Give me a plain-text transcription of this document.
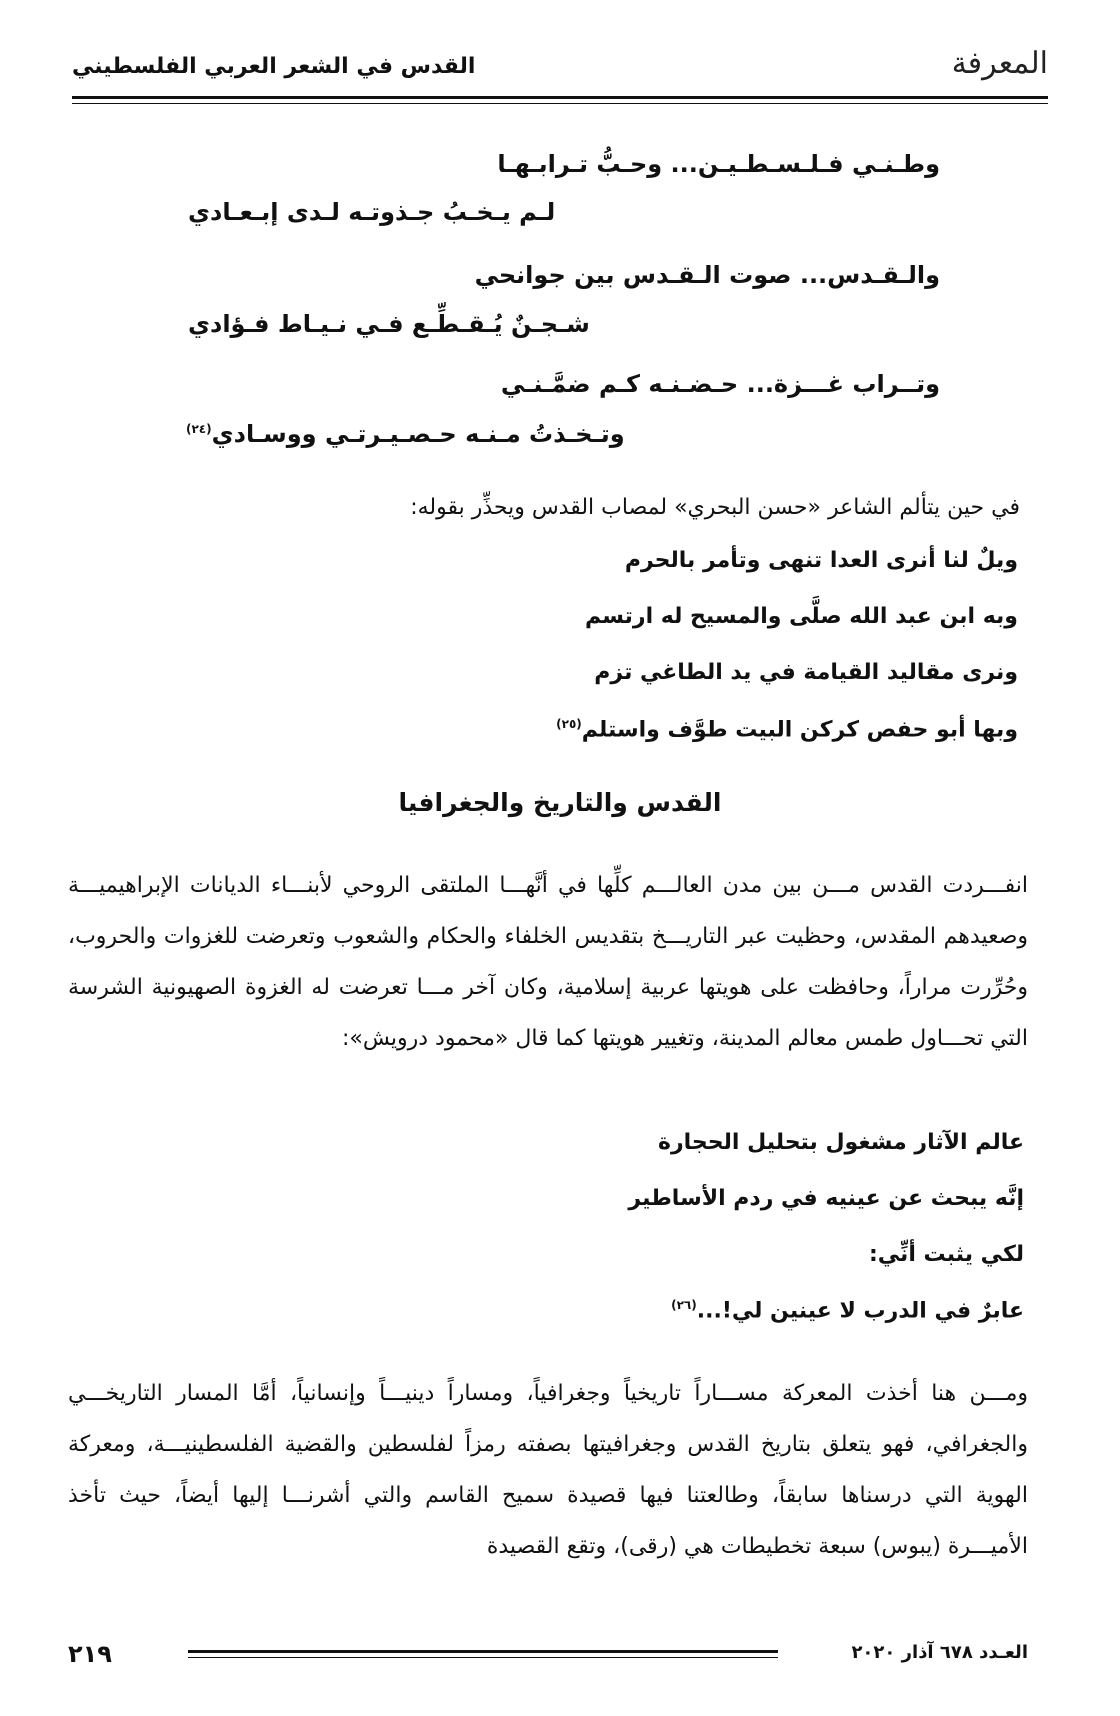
المعرفة
القدس في الشعر العربي الفلسطيني
وطـنـي فـلـسـطـيـن... وحـبُّ تـرابـهـا
لـم يـخـبُ جـذوتـه لـدى إبـعـادي
والـقـدس... صوت الـقـدس بين جوانحي
شـجـنٌ يُـقـطِّـع فـي نـيـاط فـؤادي
وتــراب غـــزة... حـضـنـه كـم ضمَّـنـي
وتـخـذتُ مـنـه حـصـيـرتـي ووسـادي$^{(٢٤)}$

في حين يتألم الشاعر «حسن البحري» لمصاب القدس ويحذِّر بقوله:

ويلٌ لنا أنرى العدا تنهى وتأمر بالحرم
وبه ابن عبد الله صلَّى والمسيح له ارتسم
ونرى مقاليد القيامة في يد الطاغي تزم
وبها أبو حفص كركن البيت طوَّف واستلم$^{(٢٥)}$
القدس والتاريخ والجغرافيا

انفـــردت القدس مـــن بين مدن العالـــم كلِّها في أنَّهـــا الملتقى الروحي لأبنـــاء الديانات الإبراهيميـــة وصعيدهم المقدس، وحظيت عبر التاريـــخ بتقديس الخلفاء والحكام والشعوب وتعرضت للغزوات والحروب، وحُرِّرت مراراً، وحافظت على هويتها عربية إسلامية، وكان آخر مـــا تعرضت له الغزوة الصهيونية الشرسة التي تحـــاول طمس معالم المدينة، وتغيير هويتها كما قال «محمود درويش»:

عالم الآثار مشغول بتحليل الحجارة
إنَّه يبحث عن عينيه في ردم الأساطير
لكي يثبت أنِّي:
عابرٌ في الدرب لا عينين لي!...$^{(٢٦)}$

ومـــن هنا أخذت المعركة مســـاراً تاريخياً وجغرافياً، ومساراً دينيـــاً وإنسانياً، أمَّا المسار التاريخـــي والجغرافي، فهو يتعلق بتاريخ القدس وجغرافيتها بصفته رمزاً لفلسطين والقضية الفلسطينيـــة، ومعركة الهوية التي درسناها سابقاً، وطالعتنا فيها قصيدة سميح القاسم والتي أشرنـــا إليها أيضاً، حيث تأخذ الأميـــرة (يبوس) سبعة تخطيطات هي (رقى)، وتقع القصيدة

٢١٩	العـدد ٦٧٨ آذار ٢٠٢٠
